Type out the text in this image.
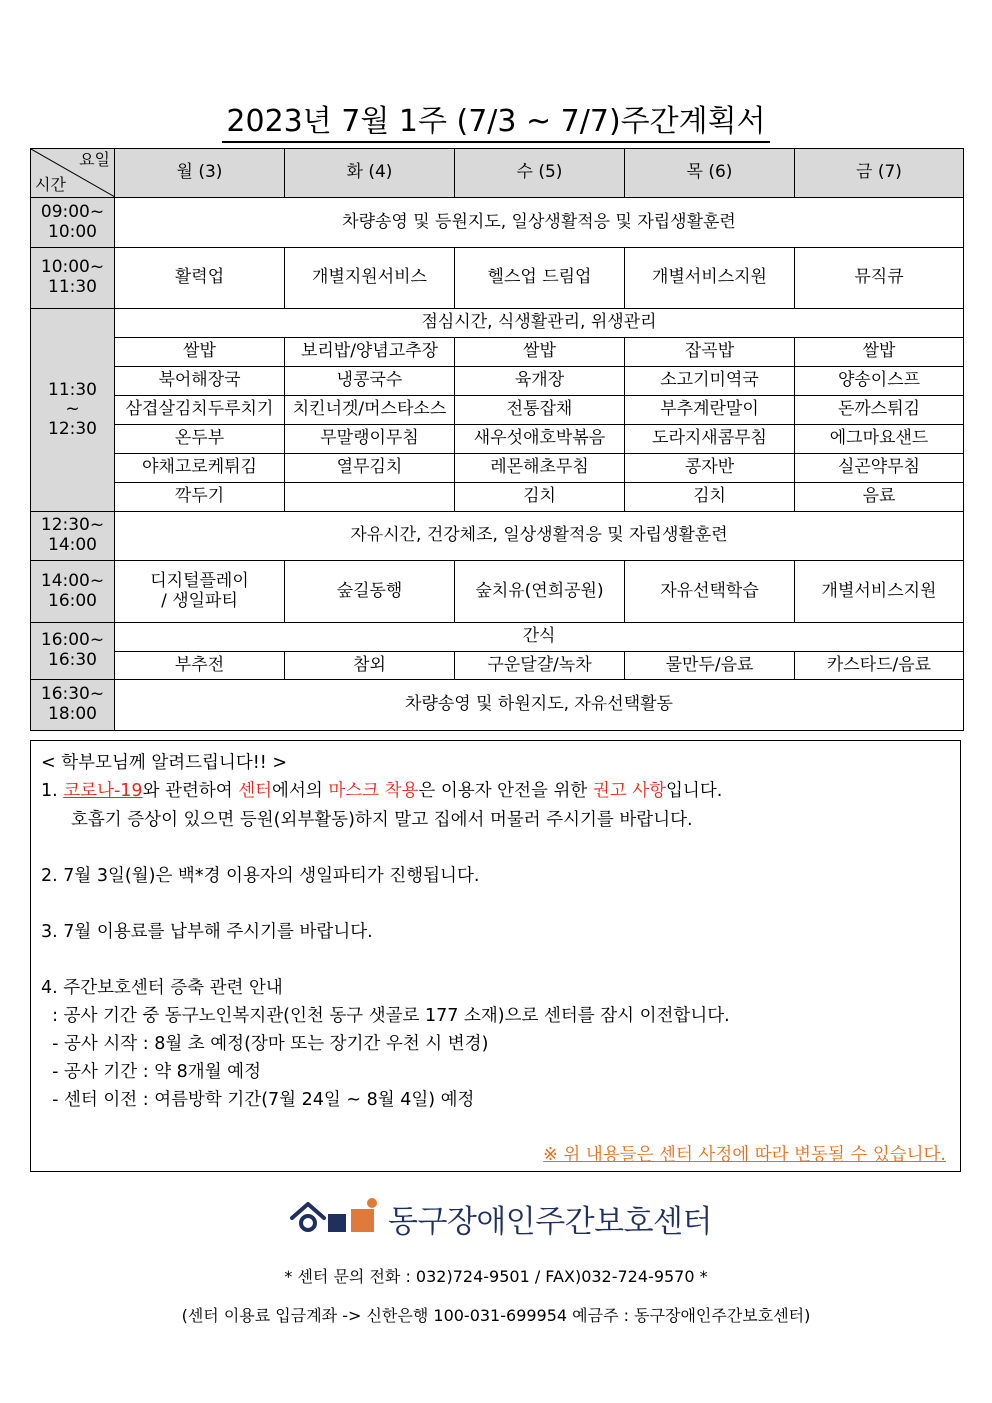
2023년 7월 1주 (7/3 ~ 7/7)주간계획서
요일
시간	월 (3)	화 (4)	수 (5)	목 (6)	금 (7)
09:00~
10:00	차량송영 및 등원지도, 일상생활적응 및 자립생활훈련				
10:00~
11:30	활력업	개별지원서비스	헬스업 드림업	개별서비스지원	뮤직큐
11:30
~
12:30	점심시간, 식생활관리, 위생관리				
	쌀밥	보리밥/양념고추장	쌀밥	잡곡밥	쌀밥
	북어해장국	냉콩국수	육개장	소고기미역국	양송이스프
	삼겹살김치두루치기	치킨너겟/머스타소스	전통잡채	부추계란말이	돈까스튀김
	온두부	무말랭이무침	새우섯애호박볶음	도라지새콤무침	에그마요샌드
	야채고로케튀김	열무김치	레몬해초무침	콩자반	실곤약무침
	깍두기		김치	김치	음료
12:30~
14:00	자유시간, 건강체조, 일상생활적응 및 자립생활훈련				
14:00~
16:00	디지털플레이
/ 생일파티	숲길동행	숲치유(연희공원)	자유선택학습	개별서비스지원
16:00~
16:30	간식				
	부추전	참외	구운달걀/녹차	물만두/음료	카스타드/음료
16:30~
18:00	차량송영 및 하원지도, 자유선택활동				
< 학부모님께 알려드립니다!! >
1. 코로나-19와 관련하여 센터에서의 마스크 착용은 이용자 안전을 위한 권고 사항입니다.
호흡기 증상이 있으면 등원(외부활동)하지 말고 집에서 머물러 주시기를 바랍니다.
2. 7월 3일(월)은 백*경 이용자의 생일파티가 진행됩니다.
3. 7월 이용료를 납부해 주시기를 바랍니다.
4. 주간보호센터 증축 관련 안내
: 공사 기간 중 동구노인복지관(인천 동구 샛골로 177 소재)으로 센터를 잠시 이전합니다.
- 공사 시작 : 8월 초 예정(장마 또는 장기간 우천 시 변경)
- 공사 기간 : 약 8개월 예정
- 센터 이전 : 여름방학 기간(7월 24일 ~ 8월 4일) 예정
※ 위 내용들은 센터 사정에 따라 변동될 수 있습니다.
동구장애인주간보호센터
* 센터 문의 전화 : 032)724-9501 / FAX)032-724-9570 *
(센터 이용료 입금계좌 -> 신한은행 100-031-699954 예금주 : 동구장애인주간보호센터)
